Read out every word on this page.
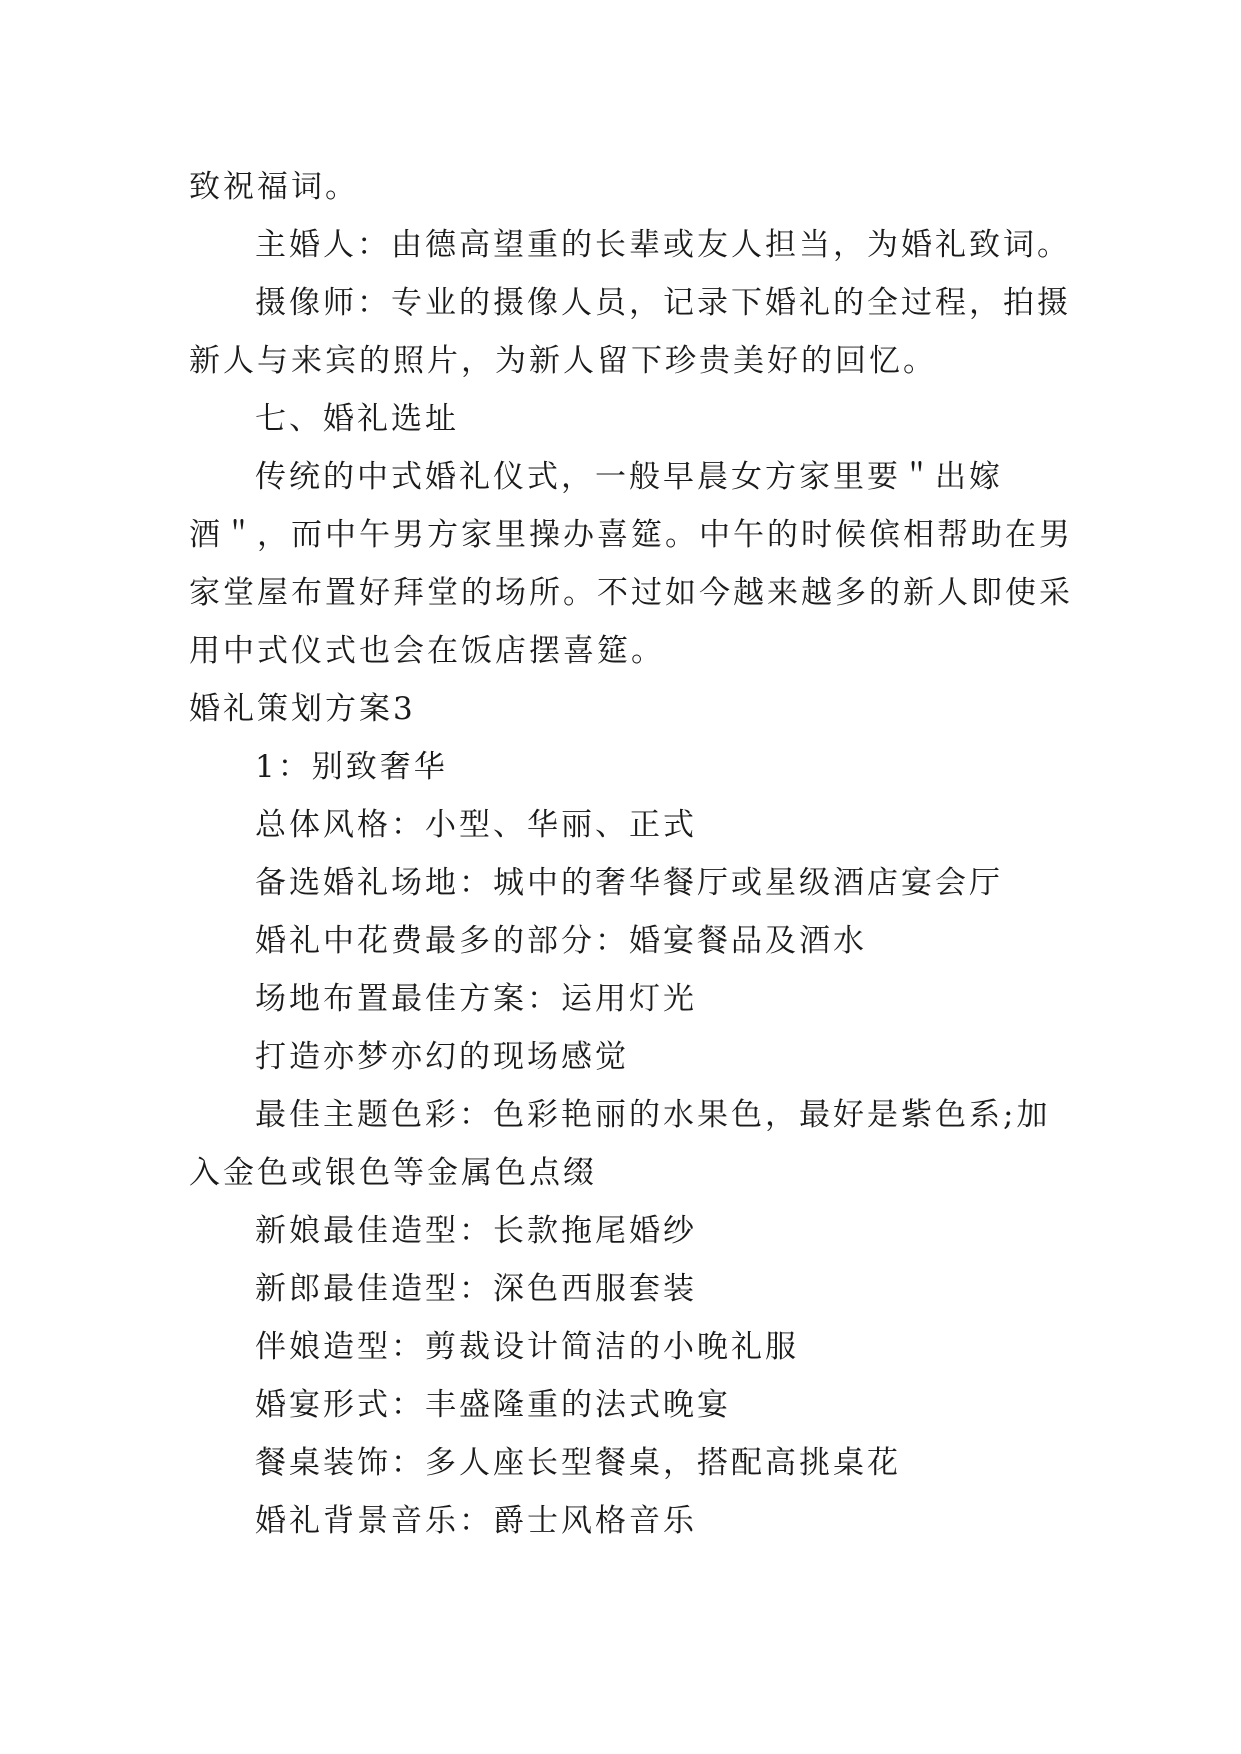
致祝福词。
主婚人：由德高望重的长辈或友人担当，为婚礼致词。
摄像师：专业的摄像人员，记录下婚礼的全过程，拍摄
新人与来宾的照片，为新人留下珍贵美好的回忆。
七、婚礼选址
传统的中式婚礼仪式，一般早晨女方家里要＂出嫁
酒＂，而中午男方家里操办喜筵。中午的时候傧相帮助在男
家堂屋布置好拜堂的场所。不过如今越来越多的新人即使采
用中式仪式也会在饭店摆喜筵。
婚礼策划方案3
1：别致奢华
总体风格：小型、华丽、正式
备选婚礼场地：城中的奢华餐厅或星级酒店宴会厅
婚礼中花费最多的部分：婚宴餐品及酒水
场地布置最佳方案：运用灯光
打造亦梦亦幻的现场感觉
最佳主题色彩：色彩艳丽的水果色，最好是紫色系;加
入金色或银色等金属色点缀
新娘最佳造型：长款拖尾婚纱
新郎最佳造型：深色西服套装
伴娘造型：剪裁设计简洁的小晚礼服
婚宴形式：丰盛隆重的法式晚宴
餐桌装饰：多人座长型餐桌，搭配高挑桌花
婚礼背景音乐：爵士风格音乐
